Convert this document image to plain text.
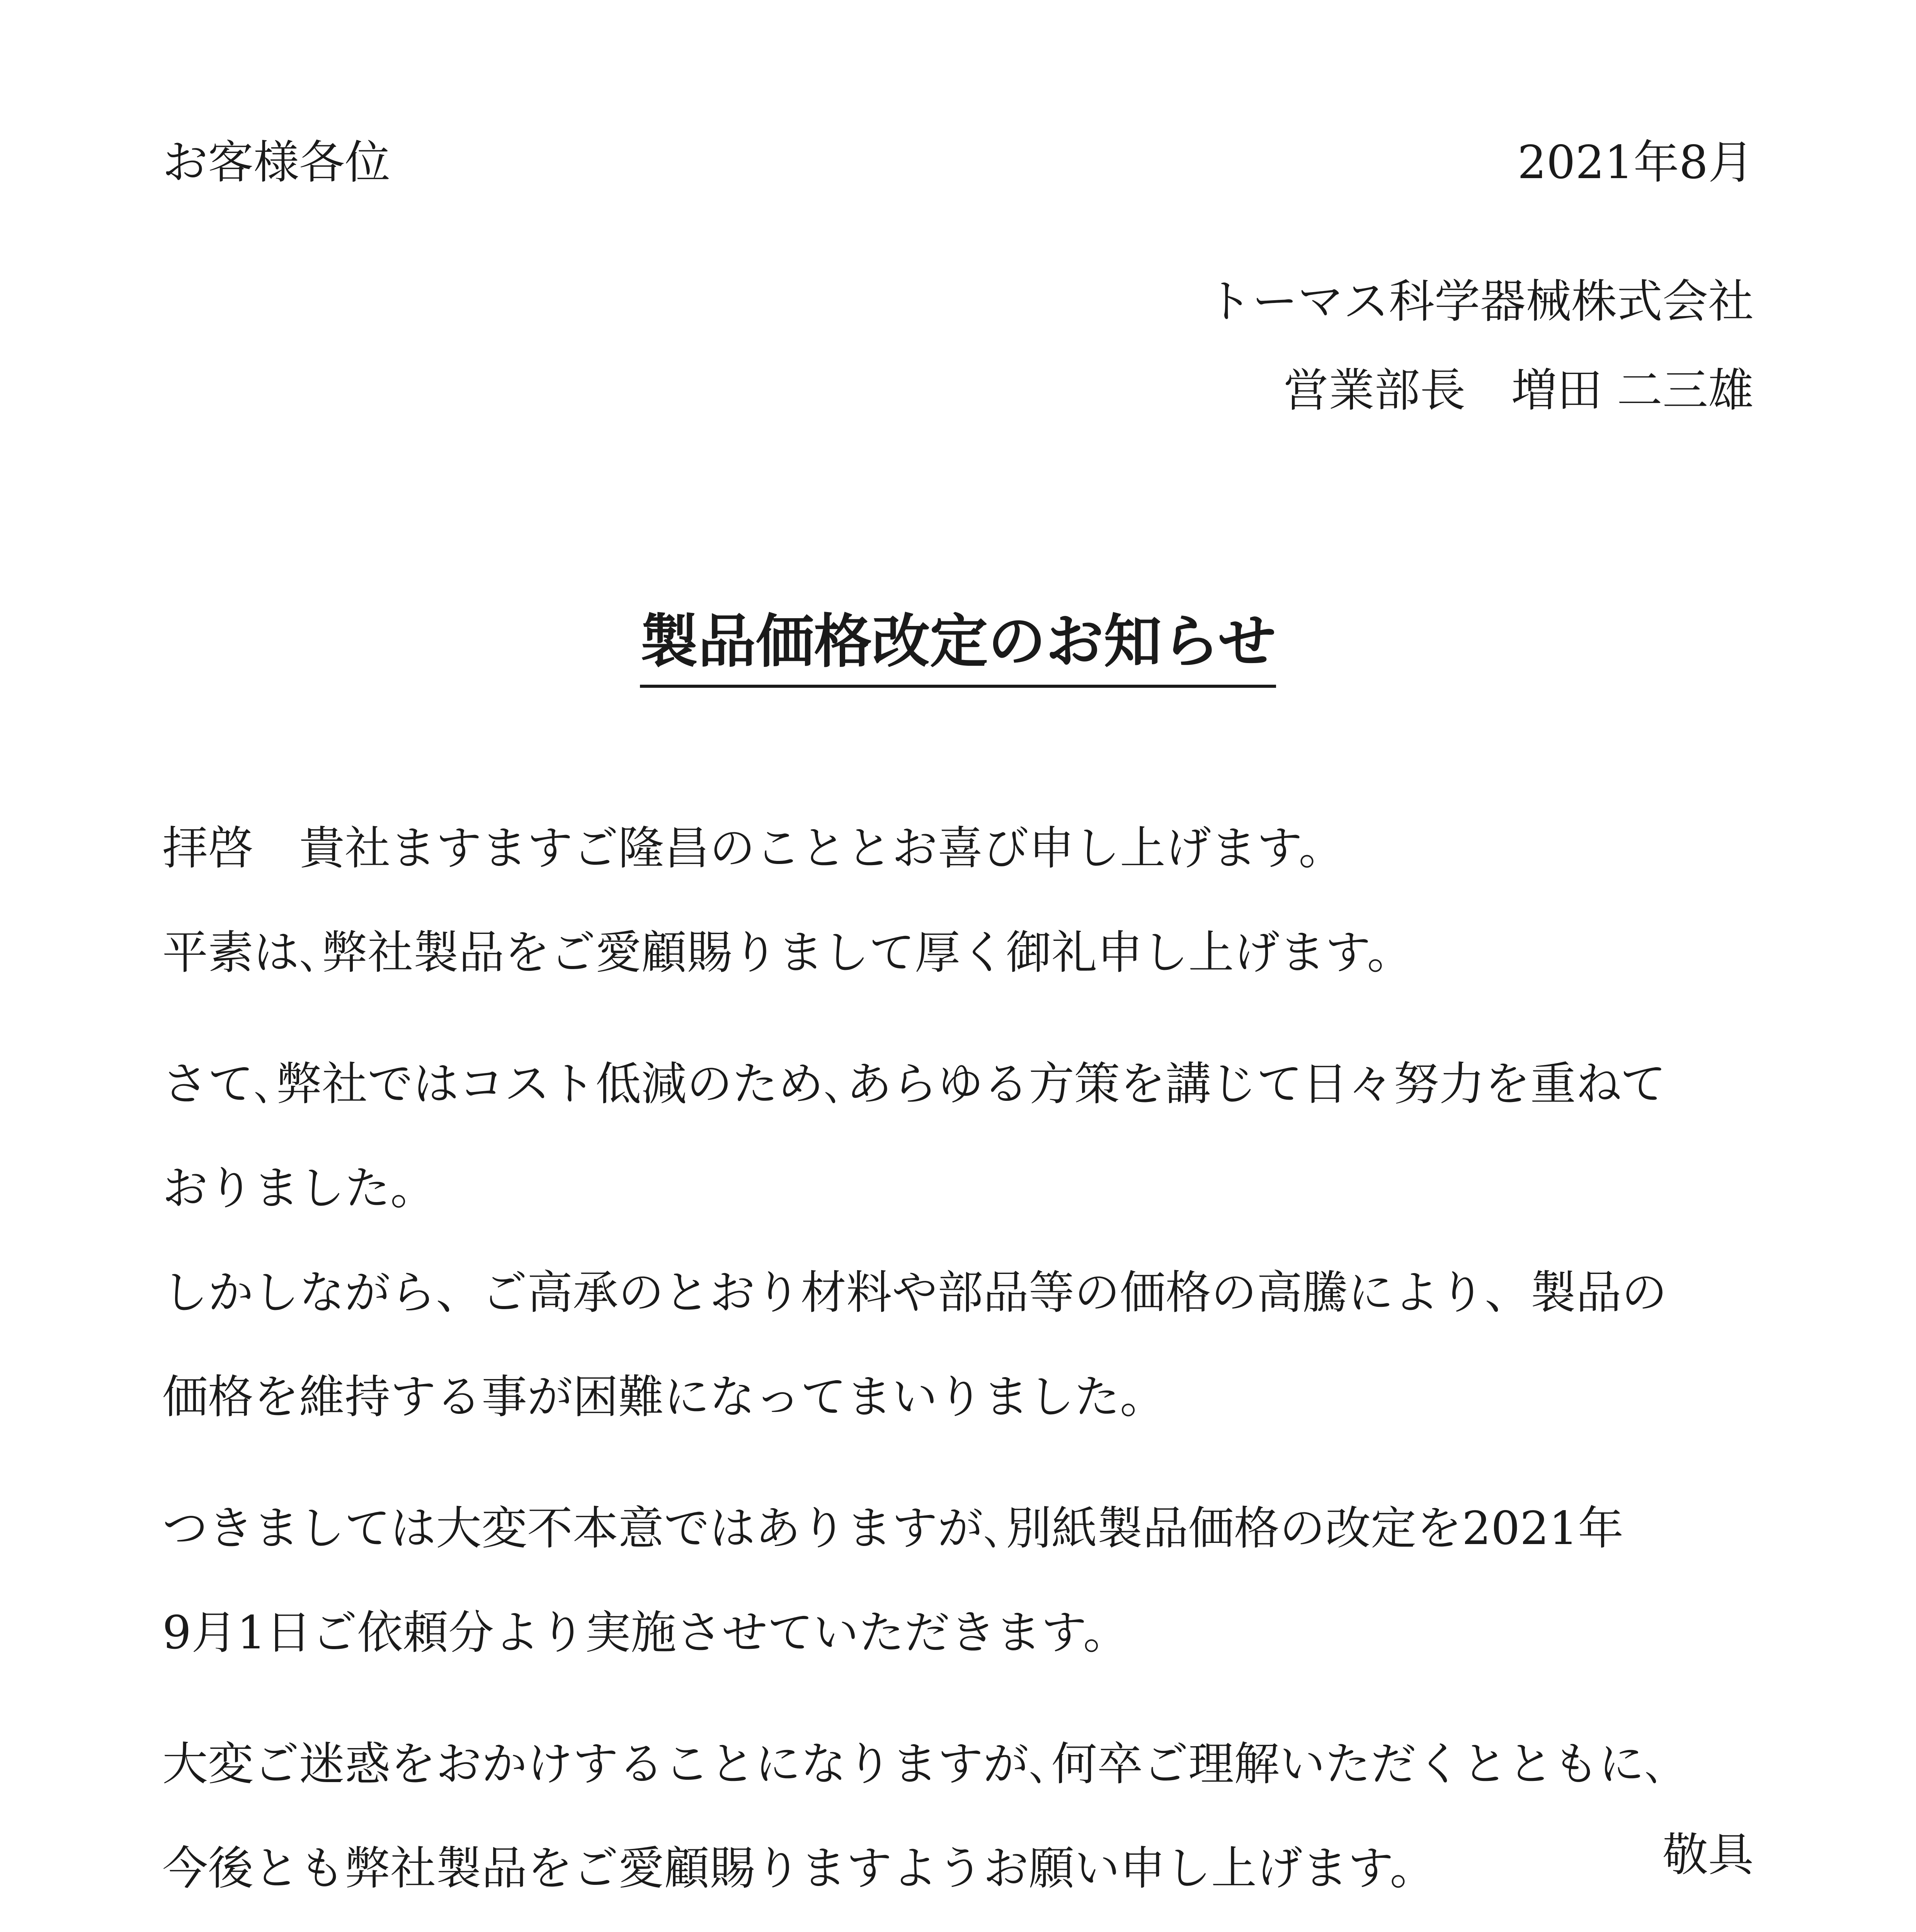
お客様各位	2021年8月
トーマス科学器械株式会社
営業部長　増田 二三雄
製品価格改定のお知らせ
拝啓　貴社ますますご隆昌のこととお喜び申し上げます。
平素は､弊社製品をご愛顧賜りまして厚く御礼申し上げます。
さて､弊社ではコスト低減のため､あらゆる方策を講じて日々努力を重ねて
おりました。
しかしながら、ご高承のとおり材料や部品等の価格の高騰により、製品の
価格を維持する事が困難になってまいりました。
つきましては大変不本意ではありますが､別紙製品価格の改定を2021年
9月1日ご依頼分より実施させていただきます。
大変ご迷惑をおかけすることになりますが､何卒ご理解いただくとともに､
今後とも弊社製品をご愛顧賜りますようお願い申し上げます。	敬具
